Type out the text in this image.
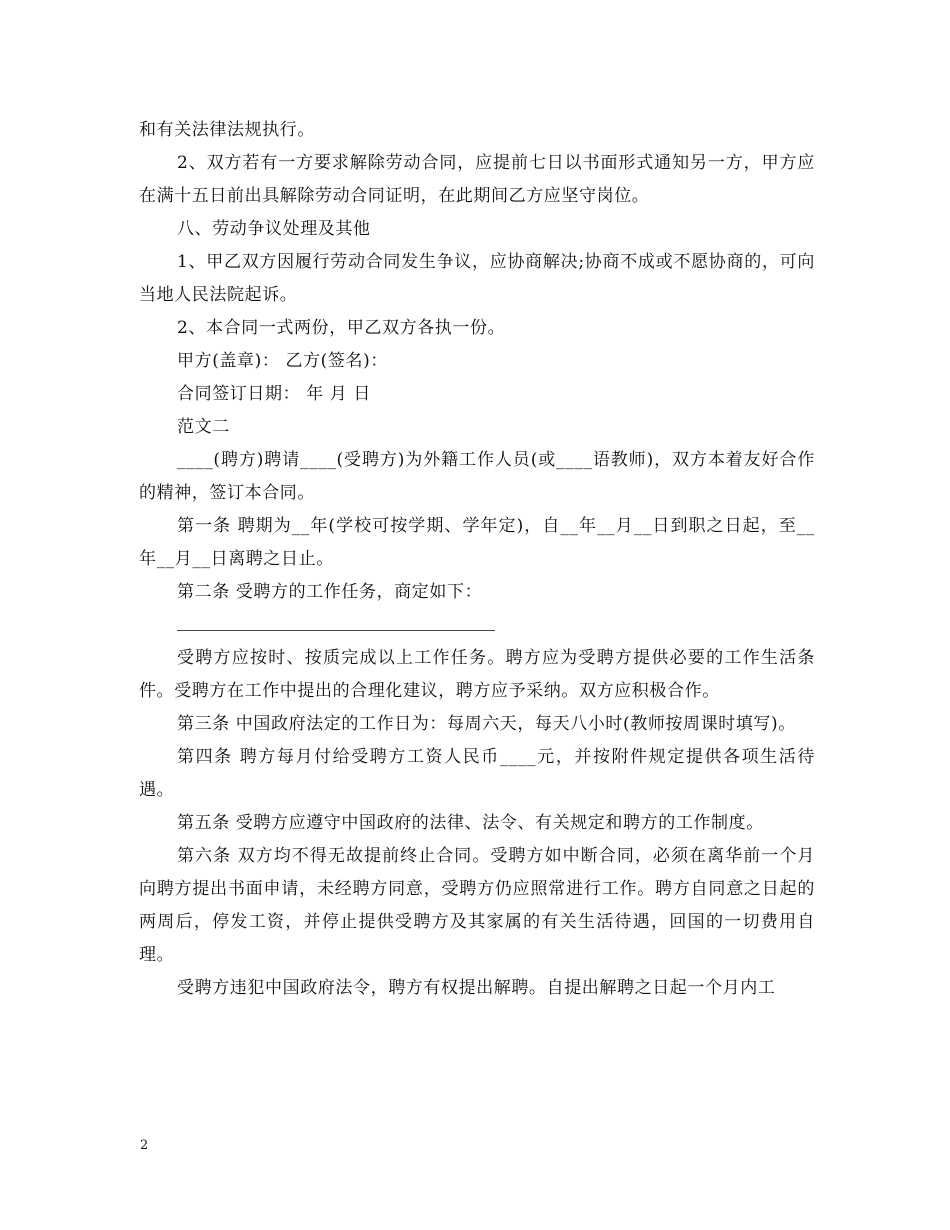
和有关法律法规执行。

2、双方若有一方要求解除劳动合同，应提前七日以书面形式通知另一方，甲方应在满十五日前出具解除劳动合同证明，在此期间乙方应坚守岗位。

八、劳动争议处理及其他

1、甲乙双方因履行劳动合同发生争议，应协商解决;协商不成或不愿协商的，可向当地人民法院起诉。

2、本合同一式两份，甲乙双方各执一份。

甲方(盖章)： 乙方(签名)：

合同签订日期： 年 月 日

范文二

____(聘方)聘请____(受聘方)为外籍工作人员(或____语教师)，双方本着友好合作的精神，签订本合同。

第一条 聘期为__年(学校可按学期、学年定)，自__年__月__日到职之日起，至__年__月__日离聘之日止。

第二条 受聘方的工作任务，商定如下：

受聘方应按时、按质完成以上工作任务。聘方应为受聘方提供必要的工作生活条件。受聘方在工作中提出的合理化建议，聘方应予采纳。双方应积极合作。

第三条 中国政府法定的工作日为：每周六天，每天八小时(教师按周课时填写)。

第四条 聘方每月付给受聘方工资人民币____元，并按附件规定提供各项生活待遇。

第五条 受聘方应遵守中国政府的法律、法令、有关规定和聘方的工作制度。

第六条 双方均不得无故提前终止合同。受聘方如中断合同，必须在离华前一个月向聘方提出书面申请，未经聘方同意，受聘方仍应照常进行工作。聘方自同意之日起的两周后，停发工资，并停止提供受聘方及其家属的有关生活待遇，回国的一切费用自理。

受聘方违犯中国政府法令，聘方有权提出解聘。自提出解聘之日起一个月内工

2
